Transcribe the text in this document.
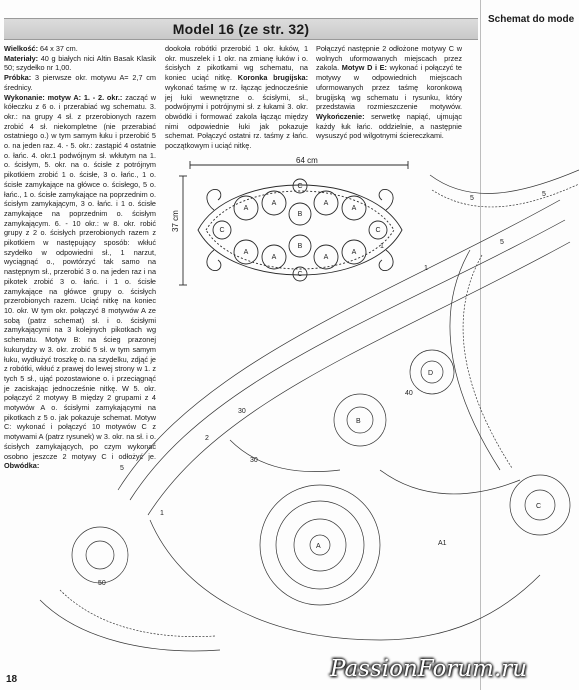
Model 16 (ze str. 32)
Schemat do mode

Wielkość: 64 x 37 cm.

Materiały: 40 g białych nici Altin Basak Klasik 50; szydełko nr 1,00.

Próbka: 3 pierwsze okr. motywu A= 2,7 cm średnicy.

Wykonanie: motyw A: 1. - 2. okr.: zacząć w kółeczku z 6 o. i przerabiać wg schematu. 3. okr.: na grupy 4 sł. z przerobionych razem zrobić 4 sł. niekompletne (nie przerabiać ostatniego o.) w tym samym łuku i przerobić 5 o. na jeden raz. 4. - 5. okr.: zastąpić 4 ostatnie o. łańc. 4. okr.1 podwójnym sł. wkłutym na 1. o. ścisłym, 5. okr. na o. ścisłe z potrójnym pikotkiem zrobić 1 o. ścisłe, 3 o. łańc., 1 o. ścisłe zamykające na główce o. ścisłego, 5 o. łańc., 1 o. ścisłe zamykające na poprzednim o. ścisłym zamykającym, 3 o. łańc. i 1 o. ścisłe zamykające na poprzednim o. ścisłym zamykającym. 6. - 10 okr.: w 8. okr. robić grupy z 2 o. ścisłych przerobionych razem z pikotkiem w następujący sposób: wkłuć szydełko w odpowiedni sł., 1 narzut, wyciągnąć o., powtórzyć tak samo na następnym sł., przerobić 3 o. na jeden raz i na pikotek zrobić 3 o. łańc. i 1 o. ścisłe zamykające na główce grupy o. ścisłych przerobionych razem. Uciąć nitkę na koniec 10. okr. W tym okr. połączyć 8 motywów A ze sobą (patrz schemat) sł. i o. ścisłymi zamykającymi na 3 kolejnych pikotkach wg schematu. Motyw B: na ścieg prazonej kukurydzy w 3. okr. zrobić 5 sł. w tym samym łuku, wydłużyć troszkę o. na szydelku, zdjąć je z robótki, wkłuć z prawej do lewej strony w 1. z tych 5 sł., ująć pozostawione o. i przeciągnąć je zaciskając jednocześnie nitkę. W 5. okr. połączyć 2 motywy B między 2 grupami z 4 motywów A o. ścisłymi zamykającymi na pikotkach z 5 o. jak pokazuje schemat. Motyw C: wykonać i połączyć 10 motywów C z motywami A (patrz rysunek) w 3. okr. na sł. i o. ścisłych zamykających, po czym wykonać osobno jeszcze 2 motywy C i odłożyć je. Obwódka:

dookoła robótki przerobić 1 okr. łuków, 1 okr. muszelek i 1 okr. na zmianę łuków i o. ścisłych z pikotkami wg schematu, na koniec uciąć nitkę. Koronka brugijska: wykonać taśmę w rz. łącząc jednocześnie jej łuki wewnętrzne o. ścisłymi, sł., podwójnymi i potrójnymi sł. z łukami 3. okr. obwódki i formować zakola łącząc między nimi odpowiednie łuki jak pokazuje schemat. Połączyć ostatni rz. taśmy z łańc. początkowym i uciąć nitkę.

Połączyć następnie 2 odłożone motywy C w wolnych uformowanych miejscach przez zakola. Motyw D i E: wykonać i połączyć te motywy w odpowiednich miejscach uformowanych przez taśmę koronkową brugijską wg schematu i rysunku, który przedstawia rozmieszczenie motywów. Wykończenie: serwetkę napiąć, ujmując każdy łuk łańc. oddzielnie, a następnie wysuszyć pod wilgotnymi ściereczkami.

A
A	A
A
A
A	A
A
B
B
C	C
C
C
5
30
40
1
50
1
2
5
D
B
A
C
A1
5
30
1
5
64 cm
37 cm
18	PassionForum.ru
